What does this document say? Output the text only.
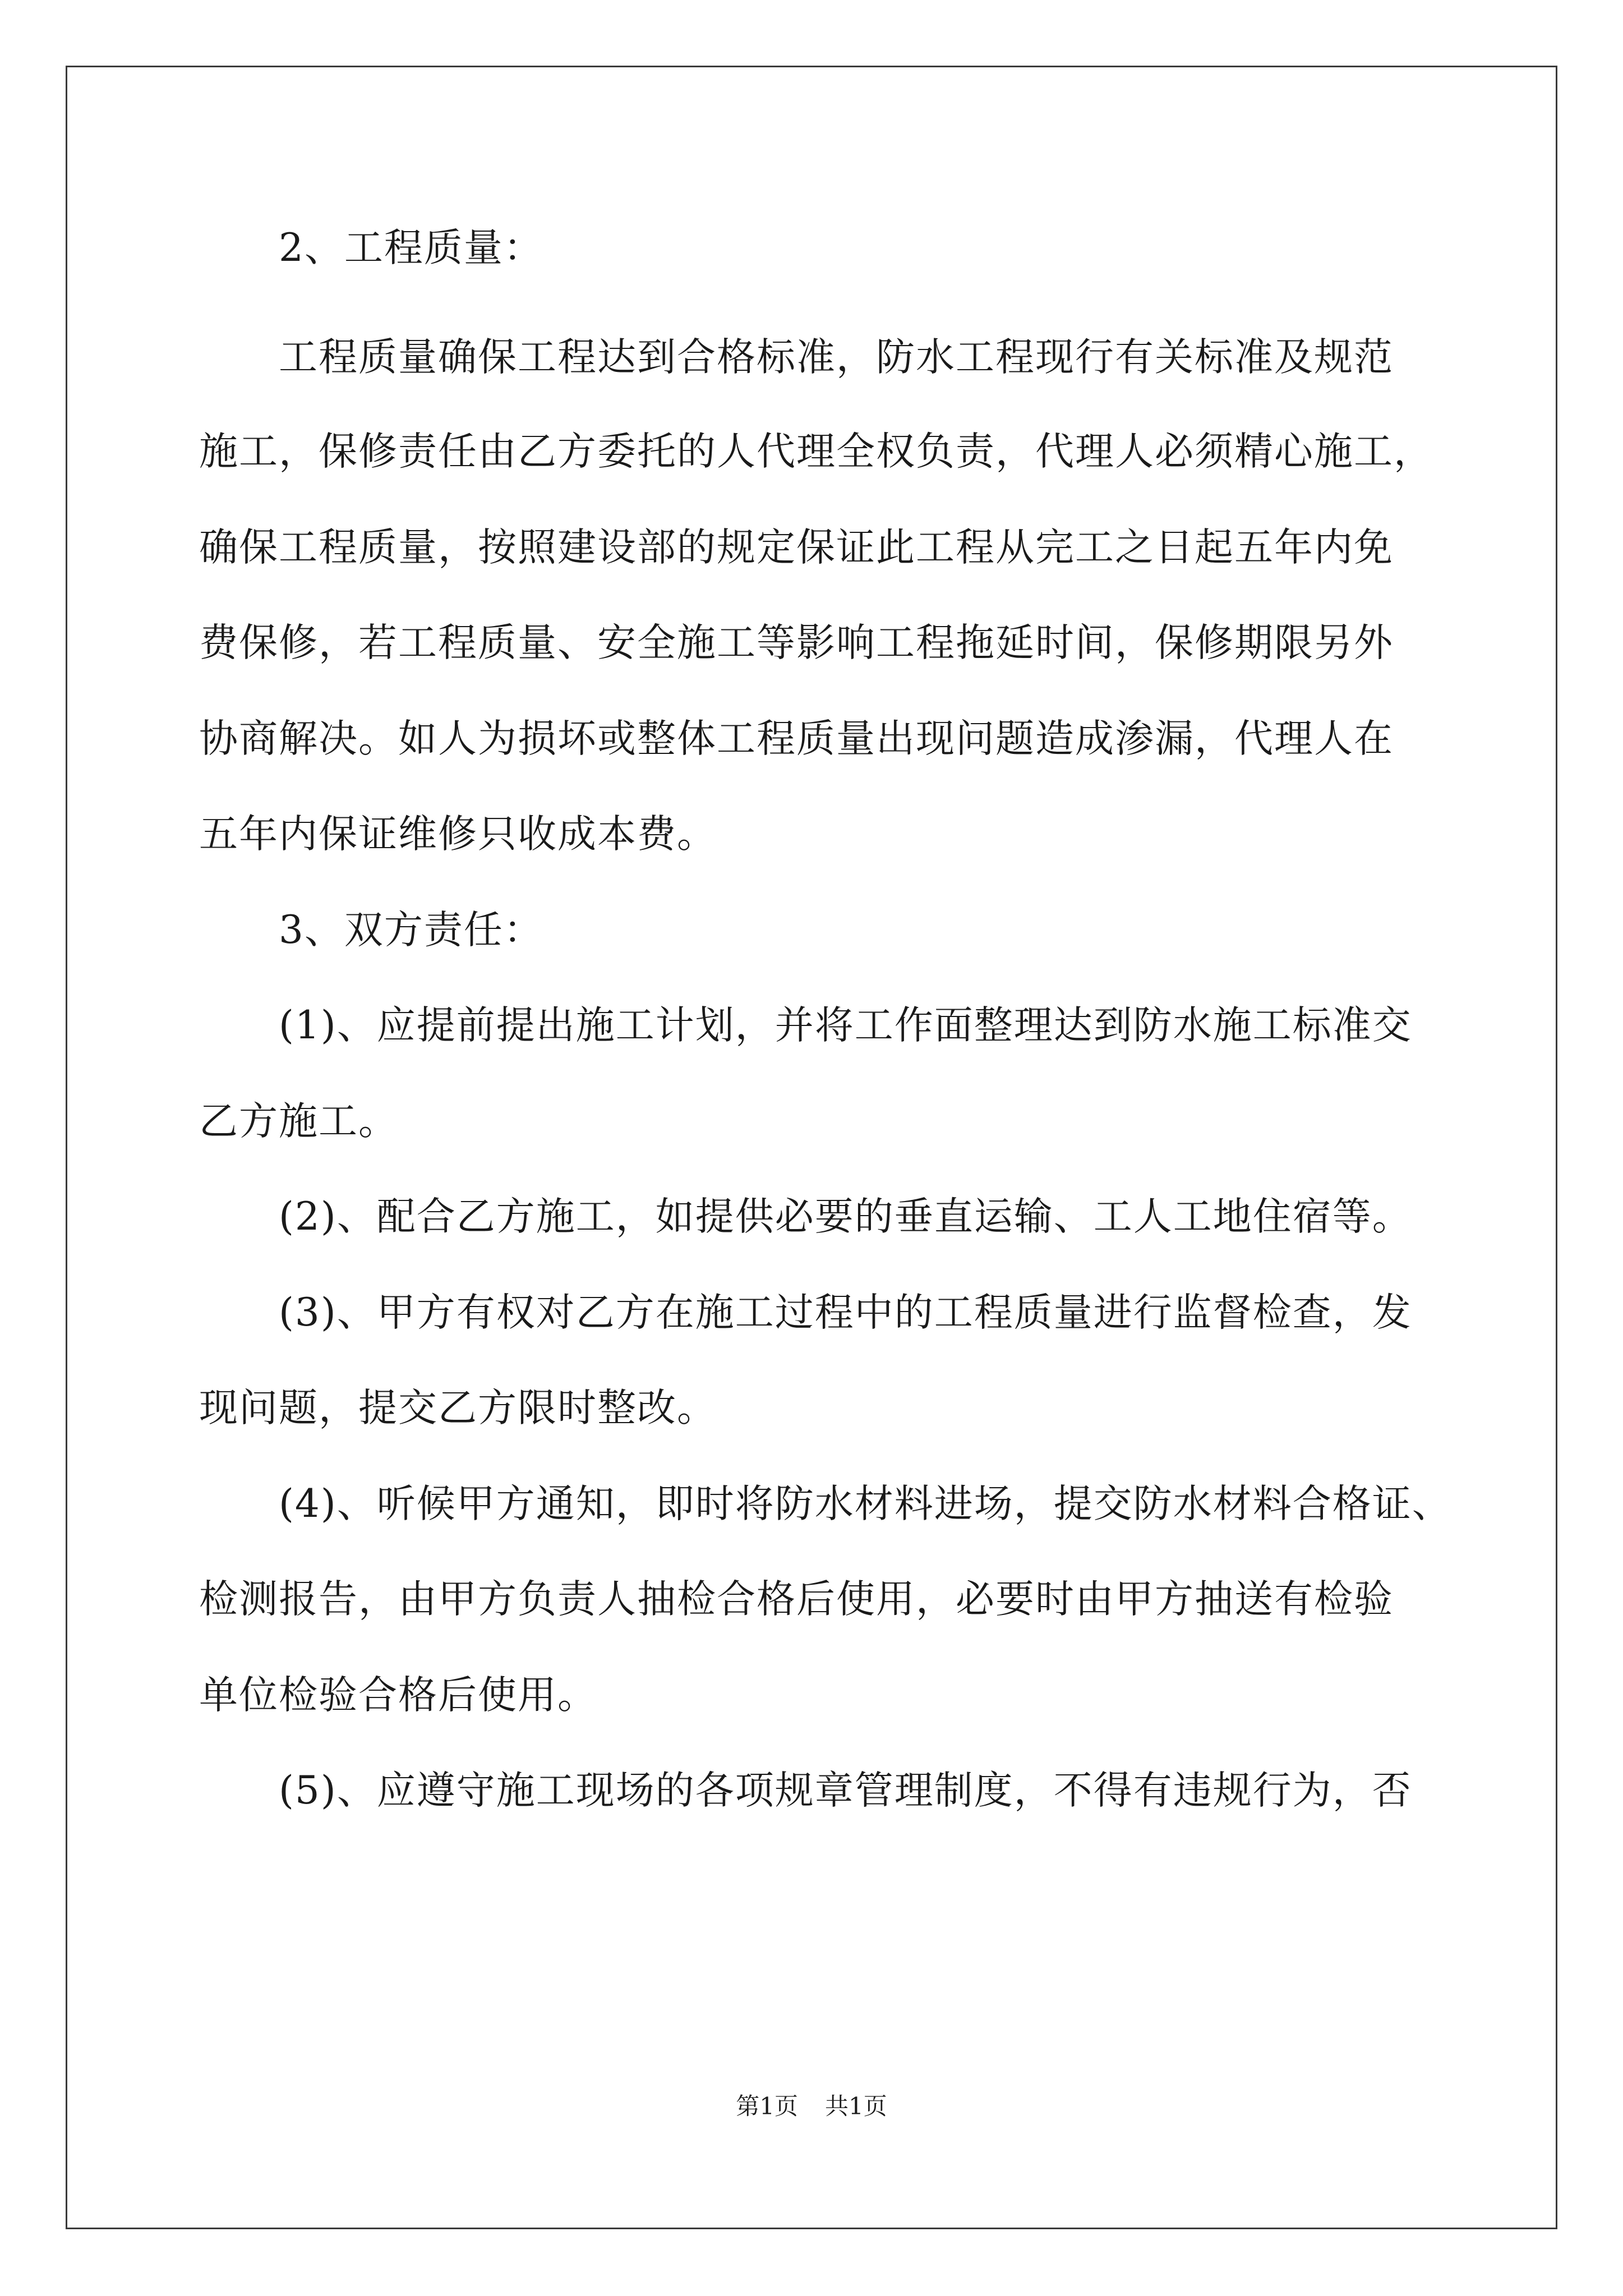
2、工程质量：
工程质量确保工程达到合格标准，防水工程现行有关标准及规范
施工，保修责任由乙方委托的人代理全权负责，代理人必须精心施工，
确保工程质量，按照建设部的规定保证此工程从完工之日起五年内免
费保修，若工程质量、安全施工等影响工程拖延时间，保修期限另外
协商解决。如人为损坏或整体工程质量出现问题造成渗漏，代理人在
五年内保证维修只收成本费。
3、双方责任：
(1)、应提前提出施工计划，并将工作面整理达到防水施工标准交
乙方施工。
(2)、配合乙方施工，如提供必要的垂直运输、工人工地住宿等。
(3)、甲方有权对乙方在施工过程中的工程质量进行监督检查，发
现问题，提交乙方限时整改。
(4)、听候甲方通知，即时将防水材料进场，提交防水材料合格证、
检测报告，由甲方负责人抽检合格后使用，必要时由甲方抽送有检验
单位检验合格后使用。
(5)、应遵守施工现场的各项规章管理制度，不得有违规行为，否
第1页 共1页
